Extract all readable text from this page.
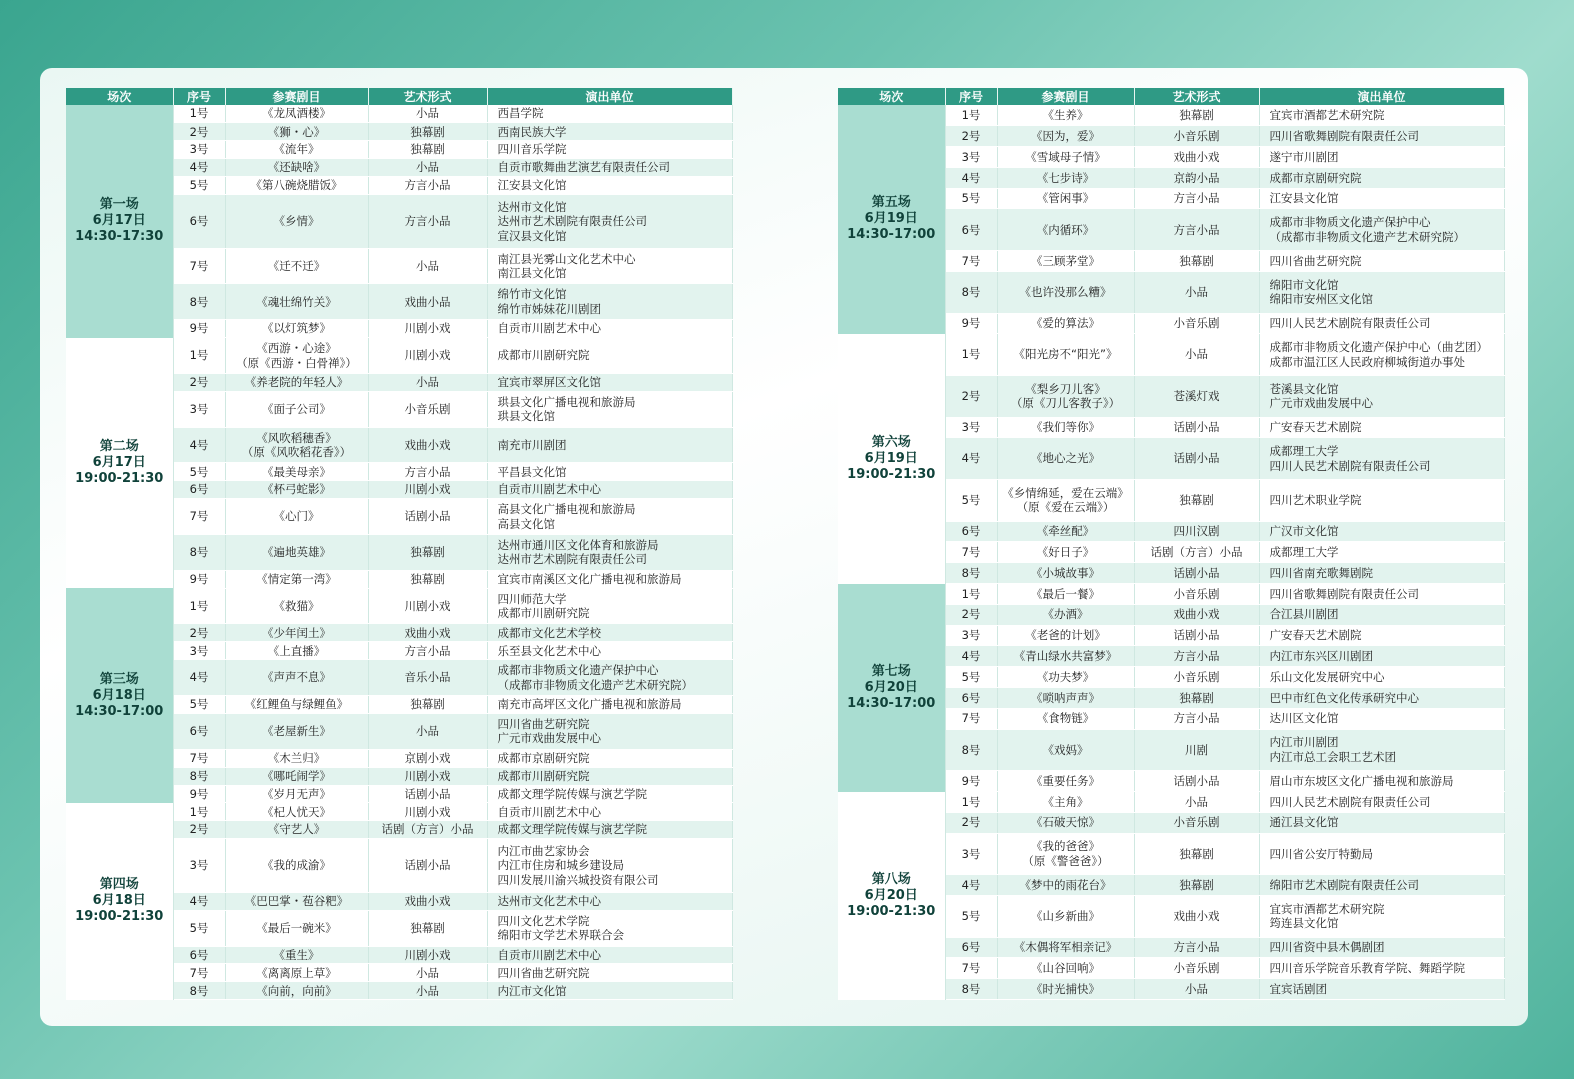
场次	序号	参赛剧目	艺术形式	演出单位

第一场
6月17日
14:30-17:30	1号	《龙凤酒楼》	小品	西昌学院

	2号	《狮・心》	独幕剧	西南民族大学

	3号	《流年》	独幕剧	四川音乐学院

	4号	《还缺啥》	小品	自贡市歌舞曲艺演艺有限责任公司

	5号	《第八碗烧腊饭》	方言小品	江安县文化馆

	6号	《乡情》	方言小品	达州市文化馆
达州市艺术剧院有限责任公司
宣汉县文化馆

	7号	《迁不迁》	小品	南江县光雾山文化艺术中心
南江县文化馆

	8号	《魂壮绵竹关》	戏曲小品	绵竹市文化馆
绵竹市姊妹花川剧团

	9号	《以灯筑梦》	川剧小戏	自贡市川剧艺术中心

第二场
6月17日
19:00-21:30	1号	《西游・心途》
（原《西游・白骨禅》）	川剧小戏	成都市川剧研究院

	2号	《养老院的年轻人》	小品	宜宾市翠屏区文化馆

	3号	《面子公司》	小音乐剧	珙县文化广播电视和旅游局
珙县文化馆

	4号	《风吹稻穗香》
（原《风吹稻花香》）	戏曲小戏	南充市川剧团

	5号	《最美母亲》	方言小品	平昌县文化馆

	6号	《杯弓蛇影》	川剧小戏	自贡市川剧艺术中心

	7号	《心门》	话剧小品	高县文化广播电视和旅游局
高县文化馆

	8号	《遍地英雄》	独幕剧	达州市通川区文化体育和旅游局
达州市艺术剧院有限责任公司

	9号	《情定第一湾》	独幕剧	宜宾市南溪区文化广播电视和旅游局

第三场
6月18日
14:30-17:00	1号	《救猫》	川剧小戏	四川师范大学
成都市川剧研究院

	2号	《少年闰土》	戏曲小戏	成都市文化艺术学校

	3号	《上直播》	方言小品	乐至县文化艺术中心

	4号	《声声不息》	音乐小品	成都市非物质文化遗产保护中心
（成都市非物质文化遗产艺术研究院）

	5号	《红鲤鱼与绿鲤鱼》	独幕剧	南充市高坪区文化广播电视和旅游局

	6号	《老屋新生》	小品	四川省曲艺研究院
广元市戏曲发展中心

	7号	《木兰归》	京剧小戏	成都市京剧研究院

	8号	《哪吒闹学》	川剧小戏	成都市川剧研究院

	9号	《岁月无声》	话剧小品	成都文理学院传媒与演艺学院

第四场
6月18日
19:00-21:30	1号	《杞人忧天》	川剧小戏	自贡市川剧艺术中心

	2号	《守艺人》	话剧（方言）小品	成都文理学院传媒与演艺学院

	3号	《我的成渝》	话剧小品	内江市曲艺家协会
内江市住房和城乡建设局
四川发展川渝兴城投资有限公司

	4号	《巴巴掌・苞谷粑》	戏曲小戏	达州市文化艺术中心

	5号	《最后一碗米》	独幕剧	四川文化艺术学院
绵阳市文学艺术界联合会

	6号	《重生》	川剧小戏	自贡市川剧艺术中心

	7号	《离离原上草》	小品	四川省曲艺研究院

	8号	《向前，向前》	小品	内江市文化馆
场次	序号	参赛剧目	艺术形式	演出单位

第五场
6月19日
14:30-17:00	1号	《生养》	独幕剧	宜宾市酒都艺术研究院

	2号	《因为，爱》	小音乐剧	四川省歌舞剧院有限责任公司

	3号	《雪域母子情》	戏曲小戏	遂宁市川剧团

	4号	《七步诗》	京韵小品	成都市京剧研究院

	5号	《管闲事》	方言小品	江安县文化馆

	6号	《内循环》	方言小品	成都市非物质文化遗产保护中心
（成都市非物质文化遗产艺术研究院）

	7号	《三顾茅堂》	独幕剧	四川省曲艺研究院

	8号	《也许没那么糟》	小品	绵阳市文化馆
绵阳市安州区文化馆

	9号	《爱的算法》	小音乐剧	四川人民艺术剧院有限责任公司

第六场
6月19日
19:00-21:30	1号	《阳光房不“阳光”》	小品	成都市非物质文化遗产保护中心（曲艺团）
成都市温江区人民政府柳城街道办事处

	2号	《梨乡刀儿客》
（原《刀儿客教子》）	苍溪灯戏	苍溪县文化馆
广元市戏曲发展中心

	3号	《我们等你》	话剧小品	广安春天艺术剧院

	4号	《地心之光》	话剧小品	成都理工大学
四川人民艺术剧院有限责任公司

	5号	《乡情绵延，爱在云端》
（原《爱在云端》）	独幕剧	四川艺术职业学院

	6号	《牵丝配》	四川汉剧	广汉市文化馆

	7号	《好日子》	话剧（方言）小品	成都理工大学

	8号	《小城故事》	话剧小品	四川省南充歌舞剧院

第七场
6月20日
14:30-17:00	1号	《最后一餐》	小音乐剧	四川省歌舞剧院有限责任公司

	2号	《办酒》	戏曲小戏	合江县川剧团

	3号	《老爸的计划》	话剧小品	广安春天艺术剧院

	4号	《青山绿水共富梦》	方言小品	内江市东兴区川剧团

	5号	《功夫梦》	小音乐剧	乐山文化发展研究中心

	6号	《唢呐声声》	独幕剧	巴中市红色文化传承研究中心

	7号	《食物链》	方言小品	达川区文化馆

	8号	《戏妈》	川剧	内江市川剧团
内江市总工会职工艺术团

	9号	《重要任务》	话剧小品	眉山市东坡区文化广播电视和旅游局

第八场
6月20日
19:00-21:30	1号	《主角》	小品	四川人民艺术剧院有限责任公司

	2号	《石破天惊》	小音乐剧	通江县文化馆

	3号	《我的爸爸》
（原《警爸爸》）	独幕剧	四川省公安厅特勤局

	4号	《梦中的雨花台》	独幕剧	绵阳市艺术剧院有限责任公司

	5号	《山乡新曲》	戏曲小戏	宜宾市酒都艺术研究院
筠连县文化馆

	6号	《木偶将军相亲记》	方言小品	四川省资中县木偶剧团

	7号	《山谷回响》	小音乐剧	四川音乐学院音乐教育学院、舞蹈学院

	8号	《时光捕快》	小品	宜宾话剧团
